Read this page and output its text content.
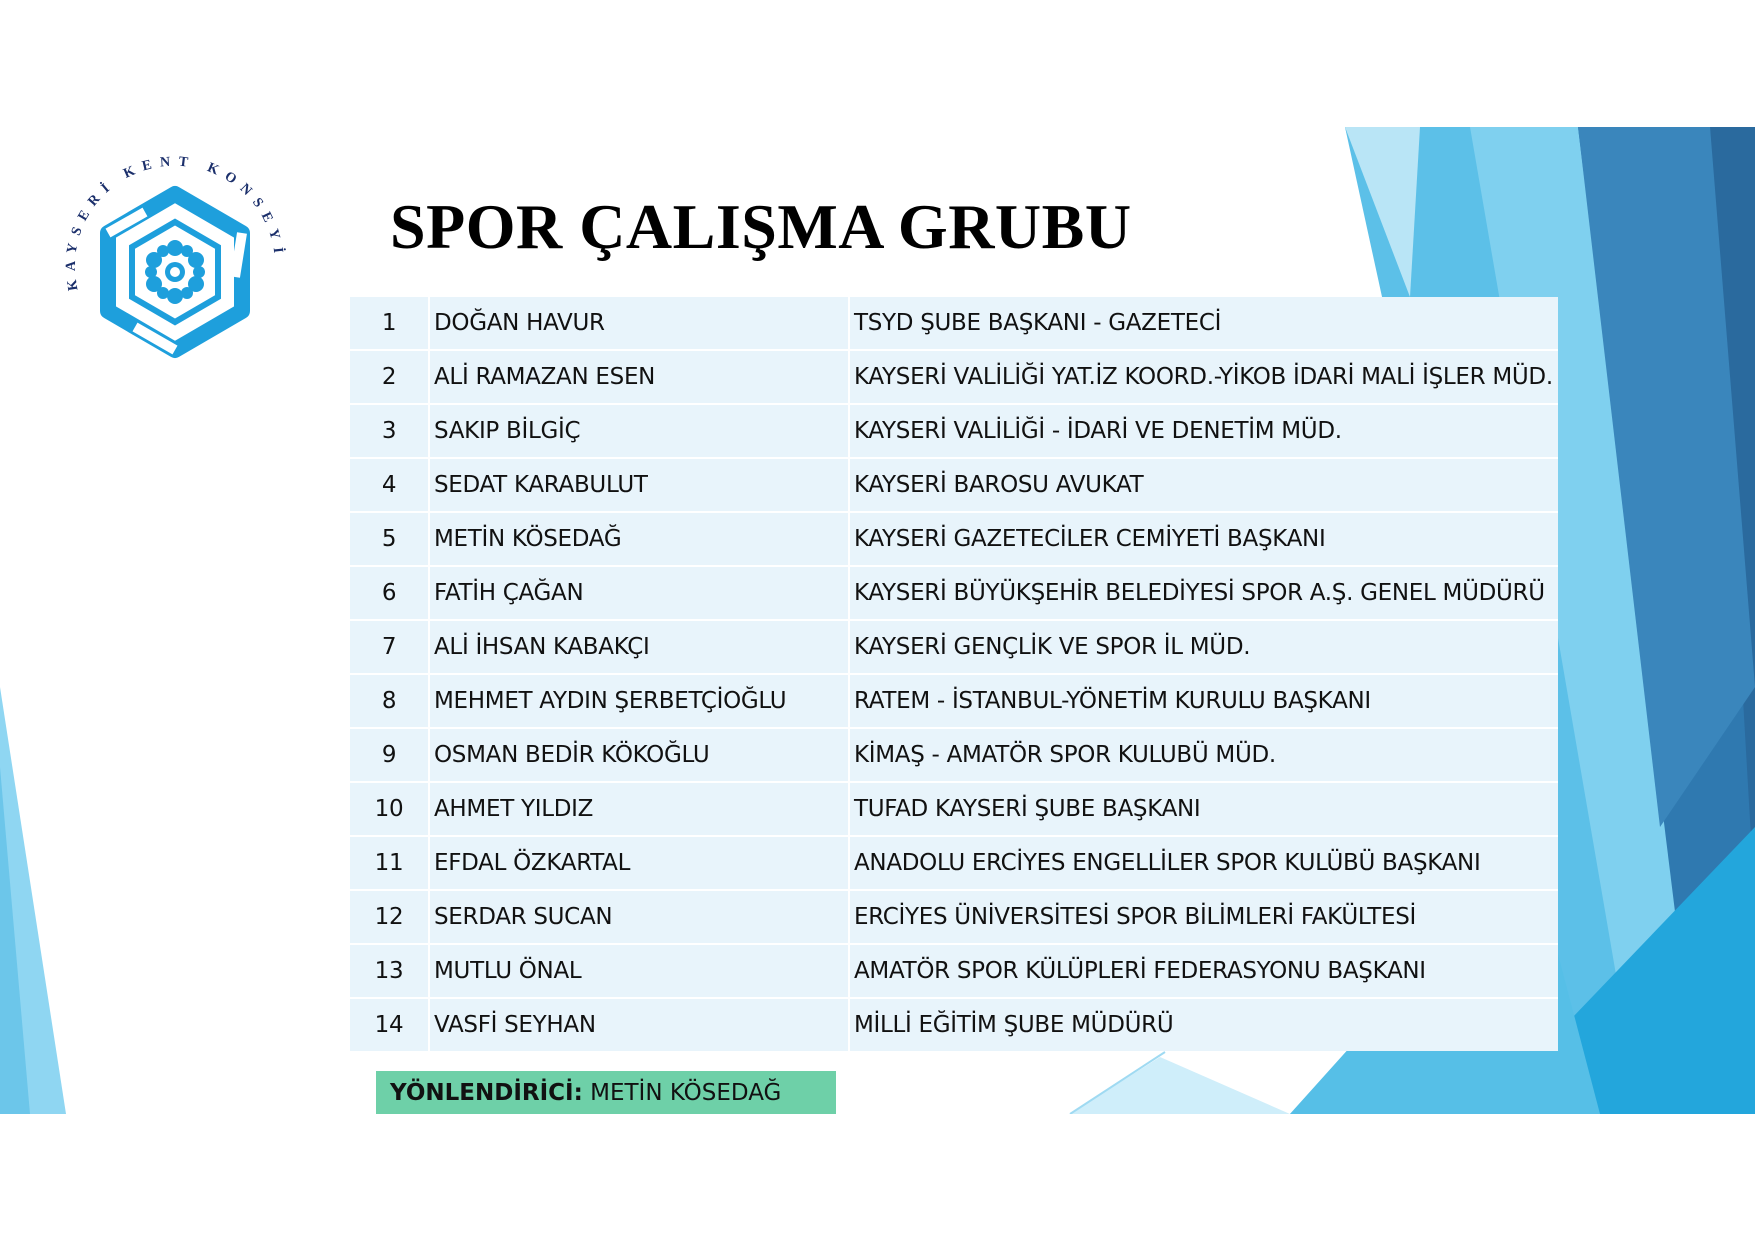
KAYSERİ KENT KONSEYİ SPOR ÇALIŞMA GRUBU
1	DOĞAN HAVUR	TSYD ŞUBE BAŞKANI - GAZETECİ
2	ALİ RAMAZAN ESEN	KAYSERİ VALİLİĞİ YAT.İZ KOORD.-YİKOB İDARİ MALİ İŞLER MÜD.
3	SAKIP BİLGİÇ	KAYSERİ VALİLİĞİ - İDARİ VE DENETİM MÜD.
4	SEDAT KARABULUT	KAYSERİ BAROSU AVUKAT
5	METİN KÖSEDAĞ	KAYSERİ GAZETECİLER CEMİYETİ BAŞKANI
6	FATİH ÇAĞAN	KAYSERİ BÜYÜKŞEHİR BELEDİYESİ SPOR A.Ş. GENEL MÜDÜRÜ
7	ALİ İHSAN KABAKÇI	KAYSERİ GENÇLİK VE SPOR İL MÜD.
8	MEHMET AYDIN ŞERBETÇİOĞLU	RATEM - İSTANBUL-YÖNETİM KURULU BAŞKANI
9	OSMAN BEDİR KÖKOĞLU	KİMAŞ - AMATÖR SPOR KULUBÜ MÜD.
10	AHMET YILDIZ	TUFAD KAYSERİ ŞUBE BAŞKANI
11	EFDAL ÖZKARTAL	ANADOLU ERCİYES ENGELLİLER SPOR KULÜBÜ BAŞKANI
12	SERDAR SUCAN	ERCİYES ÜNİVERSİTESİ SPOR BİLİMLERİ FAKÜLTESİ
13	MUTLU ÖNAL	AMATÖR SPOR KÜLÜPLERİ FEDERASYONU BAŞKANI
14	VASFİ SEYHAN	MİLLİ EĞİTİM ŞUBE MÜDÜRÜ
YÖNLENDİRİCİ: METİN KÖSEDAĞ
